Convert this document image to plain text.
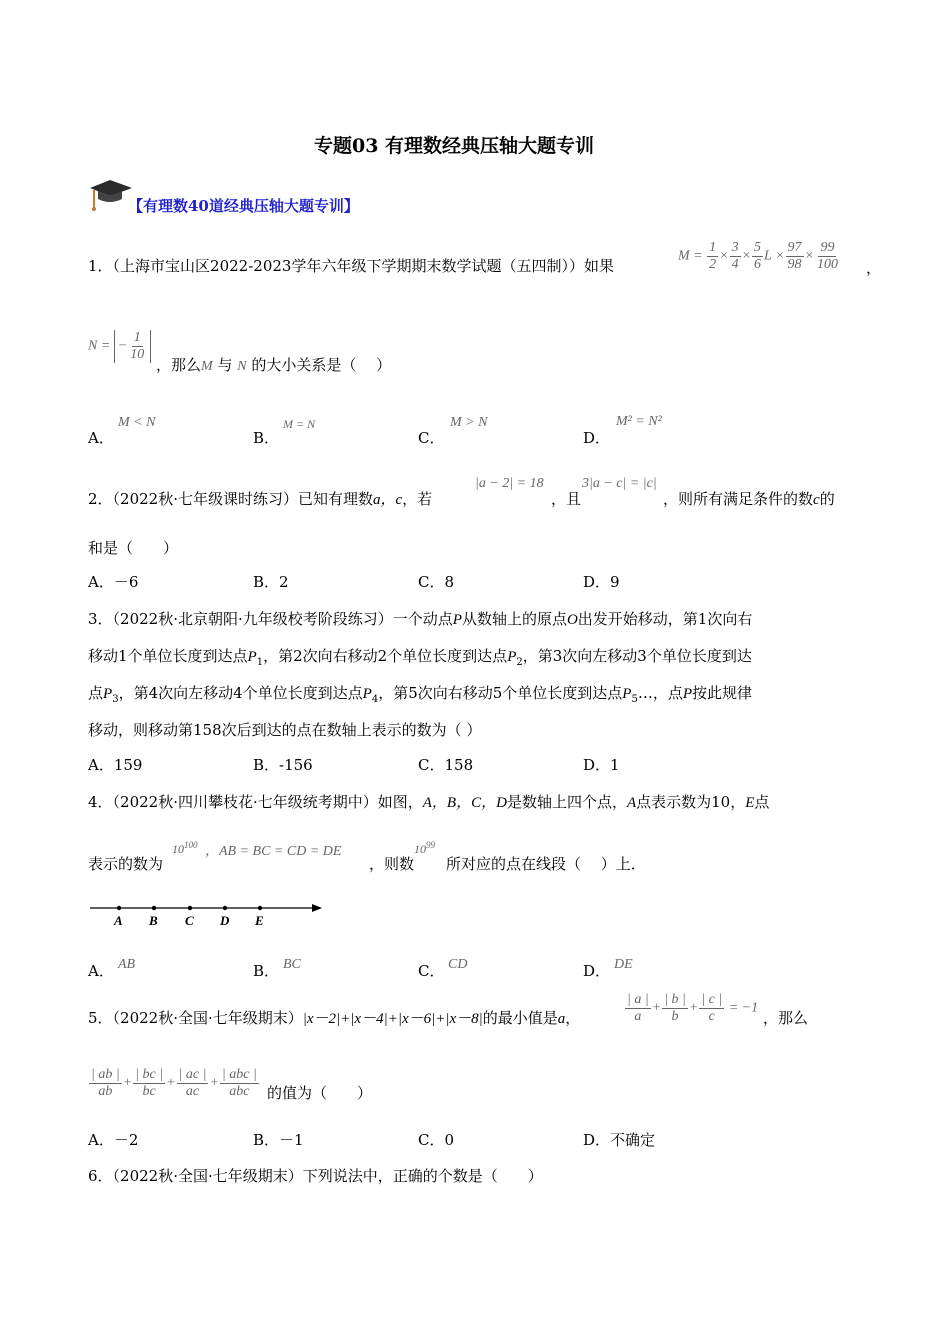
专题03 有理数经典压轴大题专训
【有理数40道经典压轴大题专训】
1．（上海市宝山区2022-2023学年六年级下学期期末数学试题（五四制））如果
$M = \frac{1}{2} \times \frac{3}{4} \times \frac{5}{6}$ $L \times \frac{97}{98} \times \frac{99}{100}$ ，
N = − $\frac{1}{10}$
，那么M 与 N 的大小关系是（　 ）
A．
M < N
B．
M = N
C．
M > N
D．
M² = N²
2．（2022秋·七年级课时练习）已知有理数a，c，若
|a − 2| = 18
，且
3|a − c| = |c|
，则所有满足条件的数c的
和是（　　）
A．－6	B．2	C．8	D．9
3．（2022秋·北京朝阳·九年级校考阶段练习）一个动点P从数轴上的原点O出发开始移动，第1次向右
移动1个单位长度到达点$P_1$，第2次向右移动2个单位长度到达点$P_2$，第3次向左移动3个单位长度到达
点$P_3$，第4次向左移动4个单位长度到达点$P_4$，第5次向右移动5个单位长度到达点$P_5\dots$，点P按此规律
移动，则移动第158次后到达的点在数轴上表示的数为（ ）
A．159	B．-156	C．158	D．1
4．（2022秋·四川攀枝花·七年级统考期中）如图，A，B，C，D是数轴上四个点，A点表示数为10，E点
表示的数为
$10^{100}$ ，AB = BC = CD = DE
，则数
$10^{99}$
所对应的点在线段（　 ）上．
A B C D E
A． AB	B． BC	C． CD	D． DE
5．（2022秋·全国·七年级期末）|x－2|+|x－4|+|x－6|+|x－8|的最小值是a，	$\frac{| a |}{a} + \frac{| b |}{b} + \frac{| c |}{c} = -1$
，那么
$\frac{| ab |}{ab} + \frac{| bc |}{bc} + \frac{| ac |}{ac} + \frac{\text{| abc |}}{\text{abc}}$ 的值为（　　）
A．－2	B．－1	C．0	D．不确定
6．（2022秋·全国·七年级期末）下列说法中，正确的个数是（　　）
